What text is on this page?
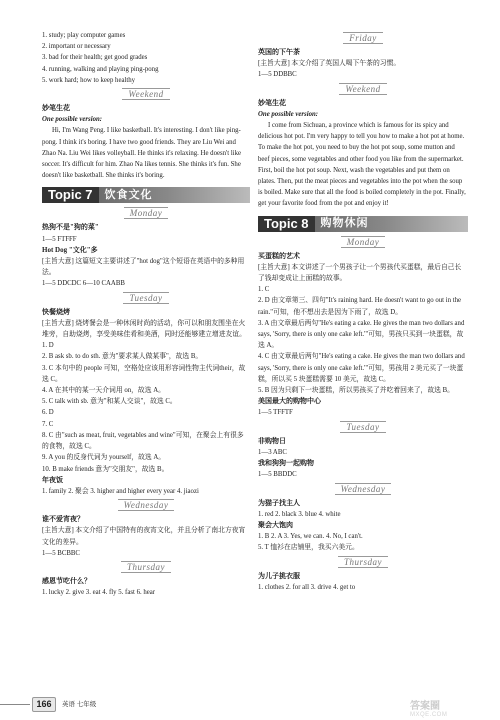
1. study; play computer games
2. important or necessary
3. bad for their health; get good grades
4. running, walking and playing ping-pong
5. work hard; how to keep healthy
Weekend
妙笔生花
One possible version:
Hi, I'm Wang Peng. I like basketball. It's interesting. I don't like ping-pong. I think it's boring. I have two good friends. They are Liu Wei and Zhao Na. Liu Wei likes volleyball. He thinks it's relaxing. He doesn't like soccer. It's difficult for him. Zhao Na likes tennis. She thinks it's fun. She doesn't like basketball. She thinks it's boring.
Topic 7	饮食文化
Monday
热狗不是"狗的菜"
1—5 FTFFF
Hot Dog "文化"多
[主旨大意] 这篇短文主要讲述了"hot dog"这个短语在英语中的多种用法。
1—5 DDCDC 6—10 CAABB
Tuesday
快餐烧烤
[主旨大意] 烧烤餐会是一种休闲时尚的活动，你可以和朋友围坐在火堆旁，自助烧烤，享受美味佳肴和美酒，同时还能够建立增进友谊。
1. D
2. B ask sb. to do sth. 意为"要求某人做某事"，故选 B。
3. C 本句中的 people 可知，空格处应该用形容词性物主代词their，故选 C。
4. A 在其中的某一天介词用 on，故选 A。
5. C talk with sb. 意为"和某人交谈"，故选 C。
6. D
7. C
8. C 由"such as meat, fruit, vegetables and wine"可知，在聚会上有很多的食物，故选 C。
9. A you 的反身代词为 yourself，故选 A。
10. B make friends 意为"交朋友"，故选 B。
年夜饭
1. family 2. 聚会 3. higher and higher every year 4. jiaozi
Wednesday
谁不爱宵夜？
[主旨大意] 本文介绍了中国特有的夜宵文化，并且分析了南北方夜宵文化的差异。
1—5 BCBBC
Thursday
感恩节吃什么？
1. lucky 2. give 3. eat 4. fly 5. fast 6. hear
Friday
英国的下午茶
[主旨大意] 本文介绍了英国人喝下午茶的习惯。
1—5 DDBBC
Weekend
妙笔生花
One possible version:
I come from Sichuan, a province which is famous for its spicy and delicious hot pot. I'm very happy to tell you how to make a hot pot at home. To make the hot pot, you need to buy the hot pot soup, some mutton and beef pieces, some vegetables and other food you like from the supermarket. First, boil the hot pot soup. Next, wash the vegetables and put them on plates. Then, put the meat pieces and vegetables into the pot when the soup is boiled. Make sure that all the food is boiled completely in the pot. Finally, get your favorite food from the pot and enjoy it!
Topic 8	购物休闲
Monday
买蛋糕的艺术
[主旨大意] 本文讲述了一个男孩子让一个男孩代买蛋糕，最后自己长了钱却变成让上面糕的故事。
1. C
2. D 由文章第三、四句"It's raining hard. He doesn't want to go out in the rain."可知，他不想出去是因为下雨了，故选 D。
3. A 由文章最后两句"He's eating a cake. He gives the man two dollars and says, 'Sorry, there is only one cake left.'"可知，男孩只买到一块蛋糕，故选 A。
4. C 由文章最后两句"He's eating a cake. He gives the man two dollars and says, 'Sorry, there is only one cake left.'"可知，男孩用 2 美元买了一块蛋糕，所以买 5 块蛋糕需要 10 美元，故选 C。
5. B 因为只剩下一块蛋糕，所以男孩买了并吃着回来了，故选 B。
美国最大的购物中心
1—5 TFFTF
Tuesday
非购物日
1—3 ABC
我和狗狗一起购物
1—5 BBDDC
Wednesday
为猫子找主人
1. red 2. black 3. blue 4. white
聚会大饱肉
1. B 2. A 3. Yes, we can. 4. No, I can't.
5. T 恤衫在店铺里，我买六美元。
Thursday
为儿子挑衣服
1. clothes 2. for all 3. drive 4. get to
166	英语 七年级	答案圈
MXQE.COM
